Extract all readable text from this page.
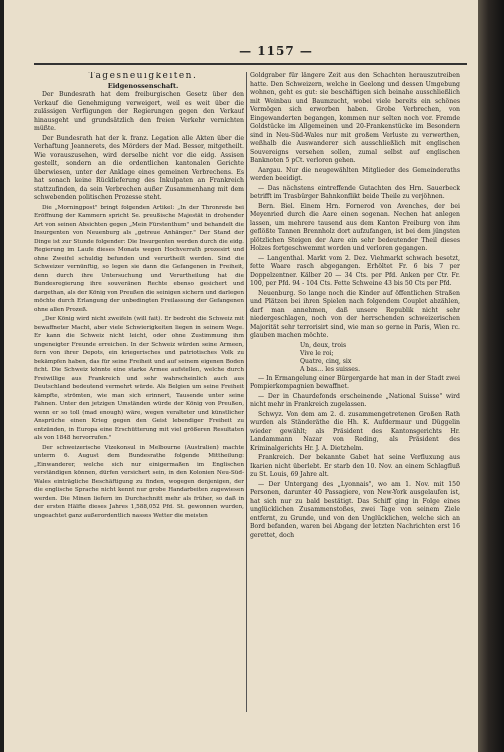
— 1157 —

Tagesneuigkeiten.

Eidgenossenschaft.

Der Bundesrath hat dem freiburgischen Gesetz über den Verkauf die Genehmigung verweigert, weil es weit über die zulässigen Verfügungen der Regierungen gegen den Verkauf hinausgeht und grundsätzlich den freien Verkehr vernichten müßte.

Der Bundesrath hat der k. franz. Legation alle Akten über die Verhaftung Jeannerets, des Mörders der Mad. Besser, mitgetheilt. Wie vorauszusehen, wird derselbe nicht vor die eidg. Assisen gestellt, sondern an die ordentlichen kantonalen Gerichte überwiesen, unter der Anklage eines gemeinen Verbrechens. Es hat sonach keine Rücklieferung des Inkulpaten an Frankreich stattzufinden, da sein Verbrechen außer Zusammenhang mit dem schwebenden politischen Prozesse steht.

Die „Morningpost" bringt folgenden Artikel: „In der Thronrede bei Eröffnung der Kammern spricht Se. preußische Majestät in drohender Art von seinen Absichten gegen „Mein Fürstenthum" und behandelt die Insurgenten von Neuenburg als „getreue Anhänger." Der Stand der Dinge ist zur Stunde folgender: Die Insurgenten werden durch die eidg. Regierung im Laufe dieses Monats wegen Hochverrath prozesirt und ohne Zweifel schuldig befunden und verurtheilt werden. Sind die Schweizer vernünftig, so legen sie dann die Gefangenen in Freiheit, denn durch ihre Untersuchung und Verurtheilung hat die Bundesregierung ihre souveränen Rechte ebenso gesichert und dargethan, als der König von Preußen die seinigen sichern und darlegen möchte durch Erlangung der unbedingten Freilassung der Gefangenen ohne allen Prozeß.

„Der König wird nicht zweifeln (will fait). Er bedroht die Schweiz mit bewaffneter Macht, aber viele Schwierigkeiten liegen in seinem Wege. Er kann die Schweiz nicht leicht, oder ohne Zustimmung ihm ungeneigter Freunde erreichen. In der Schweiz würden seine Armeen, fern von ihrer Depots, ein kriegerisches und patriotisches Volk zu bekämpfen haben, das für seine Freiheit und auf seinem eigenen Boden ficht. Die Schweiz könnte eine starke Armee aufstellen, welche durch Freiwillige aus Frankreich und sehr wahrscheinlich auch aus Deutschland bedeutend vermehrt würde. Als Belgien um seine Freiheit kämpfte, strömten, wie man sich erinnert, Tausende unter seine Fahnen. Unter den jetzigen Umständen würde der König von Preußen, wenn er so toll (mad enough) wäre, wegen veralteter und künstlicher Ansprüche einen Krieg gegen den Geist lebendiger Freiheit zu entzünden, in Europa eine Erschütterung mit viel größeren Resultaten als von 1848 hervorrufen."

Der schweizerische Vizekonsul in Melbourne (Australien) machte unterm 6. August dem Bundesrathe folgende Mittheilung: „Einwanderer, welche sich nur einigermaßen im Englischen verständigen können, dürfen versichert sein, in den Kolonien Neu-Süd-Wales einträgliche Beschäftigung zu finden, wogegen denjenigen, der die englische Sprache nicht kennt nur grobe Handarbeiten zugewiesen werden. Die Minen liefern im Durchschnitt mehr als früher, so daß in der ersten Hälfte dieses Jahres 1,588,052 Pfd. St. gewonnen wurden, ungeachtet ganz außerordentlich nasses Wetter die meisten

Goldgraber für längere Zeit aus den Schachten herauszutreiben hatte. Den Schweizern, welche in Geelong und dessen Umgebung wohnen, geht es gut: sie beschäftigen sich beinahe ausschließlich mit Weinbau und Baumzucht, wobei viele bereits ein schönes Vermögen sich erworben haben. Grobe Verbrechen, von Eingewanderten begangen, kommen nur selten noch vor. Fremde Goldstücke im Allgemeinen und 20-Frankenstücke im Besondern sind in Neu-Süd-Wales nur mit großem Verluste zu verwerthen, weßhalb die Auswanderer sich ausschließlich mit englischen Souvereigns versehen sollen, zumal selbst auf englischen Banknoten 5 pCt. verloren gehen.

Aargau. Nur die neugewählten Mitglieder des Gemeinderaths werden beeidigt.

— Das nächstens eintreffende Gutachten des Hrn. Sauerbeck betrifft im Trasbürger Bahnkonflikt beide Theile zu verjöhnen.

Bern. Biel. Einem Hrn. Fornerod von Avenches, der bei Meyenried durch die Aare einen sogenan. Nechen hat anlegen lassen, um mehrere tausend aus dem Kanton Freiburg von ihm geflößte Tannen Brennholz dort aufzufangen, ist bei dem jüngsten plötzlichen Steigen der Aare ein sehr bedeutender Theil dieses Holzes fortgeschwemmt worden und verloren gegangen.

— Langenthal. Markt vom 2. Dez. Viehmarkt schwach besetzt, fette Waare rasch abgegangen. Erhöltet Fr. 6 bis 7 per Doppelzentner. Kälber 20 — 34 Cts. per Pfd. Anken per Ctr. Fr. 100, per Pfd. 94 - 104 Cts. Fette Schweine 43 bis 50 Cts per Pfd.

Neuenburg. So lange noch die Kinder auf öffentlichen Straßen und Plätzen bei ihren Spielen nach folgendem Couplet abzählen, darf man annehmen, daß unsere Republik nicht sehr niedergeschlagen, noch von der herrschenden schweizerischen Majorität sehr terrorisirt sind, wie man so gerne in Paris, Wien rc. glauben machen möchte.

Un, deux, trois
Vive le roi;
Quatre, cinq, six
A bas… les suisses.

— In Ermangelung einer Bürgergarde hat man in der Stadt zwei Pompierkompagnien bewaffnet.

— Der in Chaurdefonds erscheinende „National Suisse" wird nicht mehr in Frankreich zugelassen.

Schwyz. Von dem am 2. d. zusammengetretenen Großen Rath wurden als Ständeräthe die Hh. K. Aufdermaur und Düggelin wieder gewählt; als Präsident des Kantonsgerichts Hr. Landammann Nazar von Reding, als Präsident des Kriminalgerichts Hr. J. A. Dietzhelm.

Frankreich. Der bekannte Gabet hat seine Verfluxung aus Ikarien nicht überlebt. Er starb den 10. Nov. an einem Schlagfluß zu St. Louis, 69 Jahre alt.

— Der Untergang des „Lyonnais", wo am 1. Nov. mit 150 Personen, darunter 40 Passagiere, von New-York ausgelaufen ist, hat sich nur zu bald bestätigt. Das Schiff ging in Folge eines unglücklichen Zusammenstoßes, zwei Tage von seinem Ziele entfernt, zu Grunde, und von den Unglücklichen, welche sich an Bord befanden, waren bei Abgang der letzten Nachrichten erst 16 gerettet, doch
